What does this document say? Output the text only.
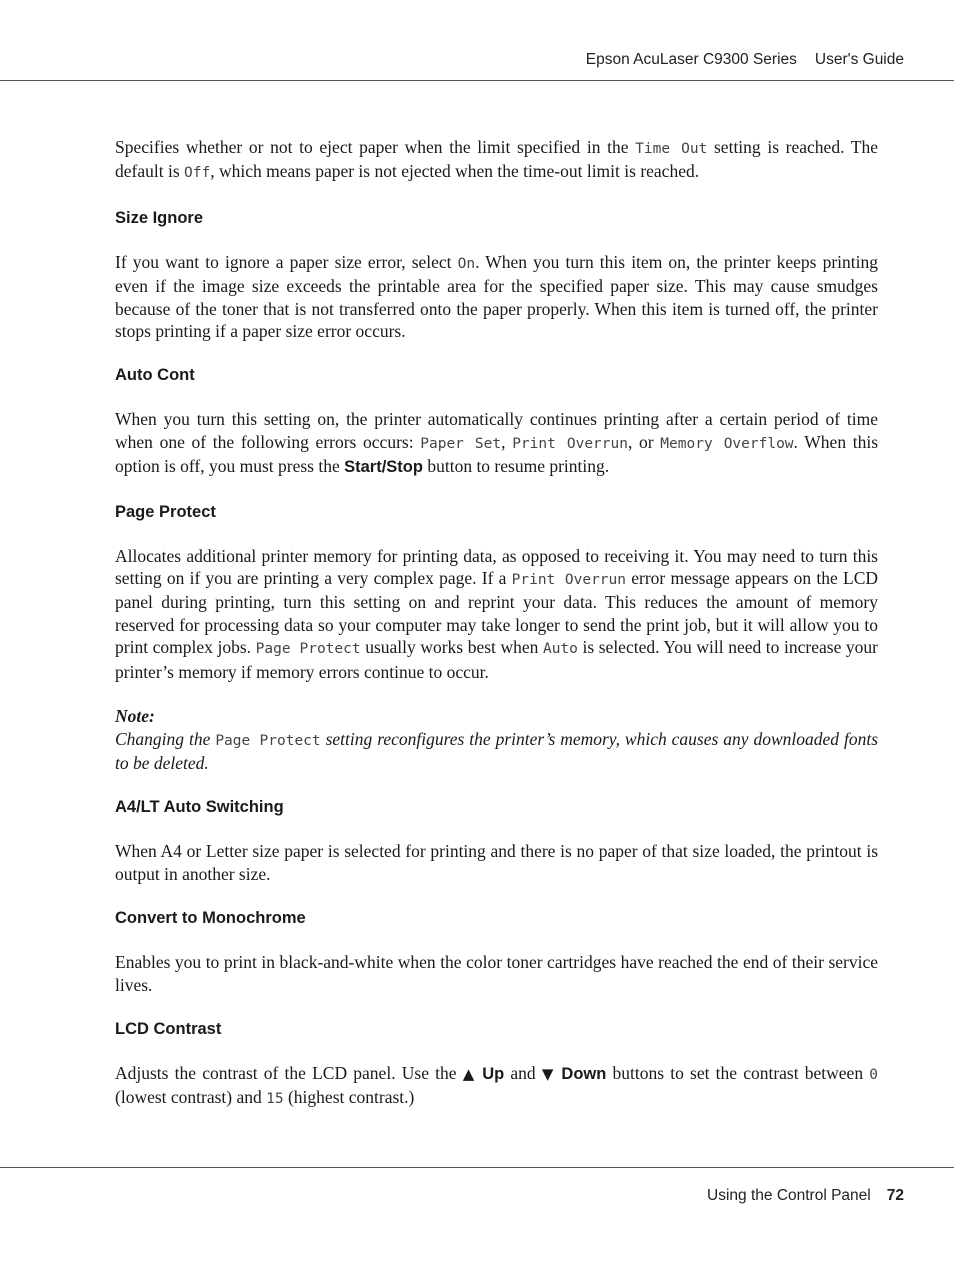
Epson AcuLaser C9300 Series User's Guide

Specifies whether or not to eject paper when the limit specified in the Time Out setting is reached. The default is Off, which means paper is not ejected when the time-out limit is reached.

Size Ignore

If you want to ignore a paper size error, select On. When you turn this item on, the printer keeps printing even if the image size exceeds the printable area for the specified paper size. This may cause smudges because of the toner that is not transferred onto the paper properly. When this item is turned off, the printer stops printing if a paper size error occurs.

Auto Cont

When you turn this setting on, the printer automatically continues printing after a certain period of time when one of the following errors occurs: Paper Set, Print Overrun, or Memory Overflow. When this option is off, you must press the Start/Stop button to resume printing.

Page Protect

Allocates additional printer memory for printing data, as opposed to receiving it. You may need to turn this setting on if you are printing a very complex page. If a Print Overrun error message appears on the LCD panel during printing, turn this setting on and reprint your data. This reduces the amount of memory reserved for processing data so your computer may take longer to send the print job, but it will allow you to print complex jobs. Page Protect usually works best when Auto is selected. You will need to increase your printer’s memory if memory errors continue to occur.

Note:

Changing the Page Protect setting reconfigures the printer’s memory, which causes any downloaded fonts to be deleted.

A4/LT Auto Switching

When A4 or Letter size paper is selected for printing and there is no paper of that size loaded, the printout is output in another size.

Convert to Monochrome

Enables you to print in black-and-white when the color toner cartridges have reached the end of their service lives.

LCD Contrast

Adjusts the contrast of the LCD panel. Use the ▲ Up and ▼ Down buttons to set the contrast between 0 (lowest contrast) and 15 (highest contrast.)

Using the Control Panel 72
